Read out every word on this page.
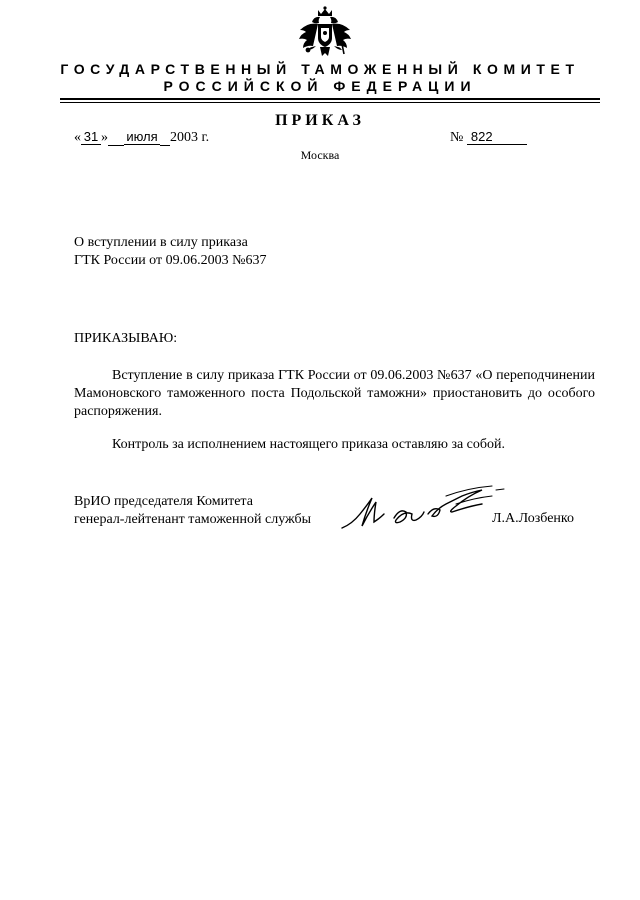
ГОСУДАРСТВЕННЫЙ ТАМОЖЕННЫЙ КОМИТЕТ
РОССИЙСКОЙ ФЕДЕРАЦИИ
ПРИКАЗ
« 31 » июля 2003 г.	№ 822
Москва
О вступлении в силу приказа
ГТК России от 09.06.2003 №637
ПРИКАЗЫВАЮ:
Вступление в силу приказа ГТК России от 09.06.2003 №637 «О переподчинении Мамоновского таможенного поста Подольской таможни» приостановить до особого распоряжения.
Контроль за исполнением настоящего приказа оставляю за собой.
ВрИО председателя Комитета
генерал-лейтенант таможенной службы	Л.А.Лозбенко
